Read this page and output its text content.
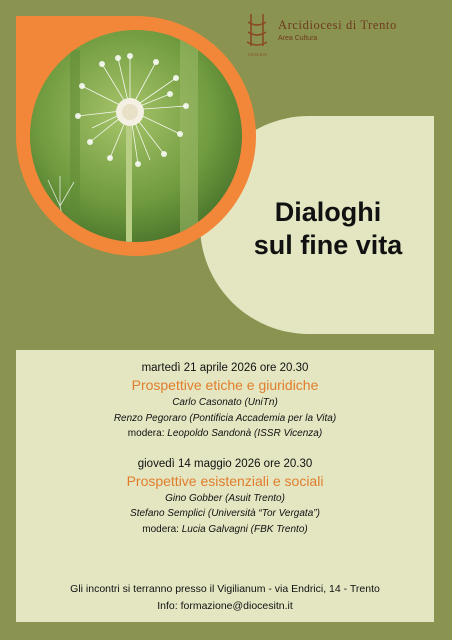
VIGILIUS
Arcidiocesi di Trento
Area Cultura
Dialoghi
sul fine vita
martedì 21 aprile 2026 ore 20.30
Prospettive etiche e giuridiche
Carlo Casonato (UniTn)
Renzo Pegoraro (Pontificia Accademia per la Vita)
modera: Leopoldo Sandonà (ISSR Vicenza)
giovedì 14 maggio 2026 ore 20.30
Prospettive esistenziali e sociali
Gino Gobber (Asuit Trento)
Stefano Semplici (Università “Tor Vergata”)
modera: Lucia Galvagni (FBK Trento)
Gli incontri si terranno presso il Vigilianum - via Endrici, 14 - Trento
Info: formazione@diocesitn.it
